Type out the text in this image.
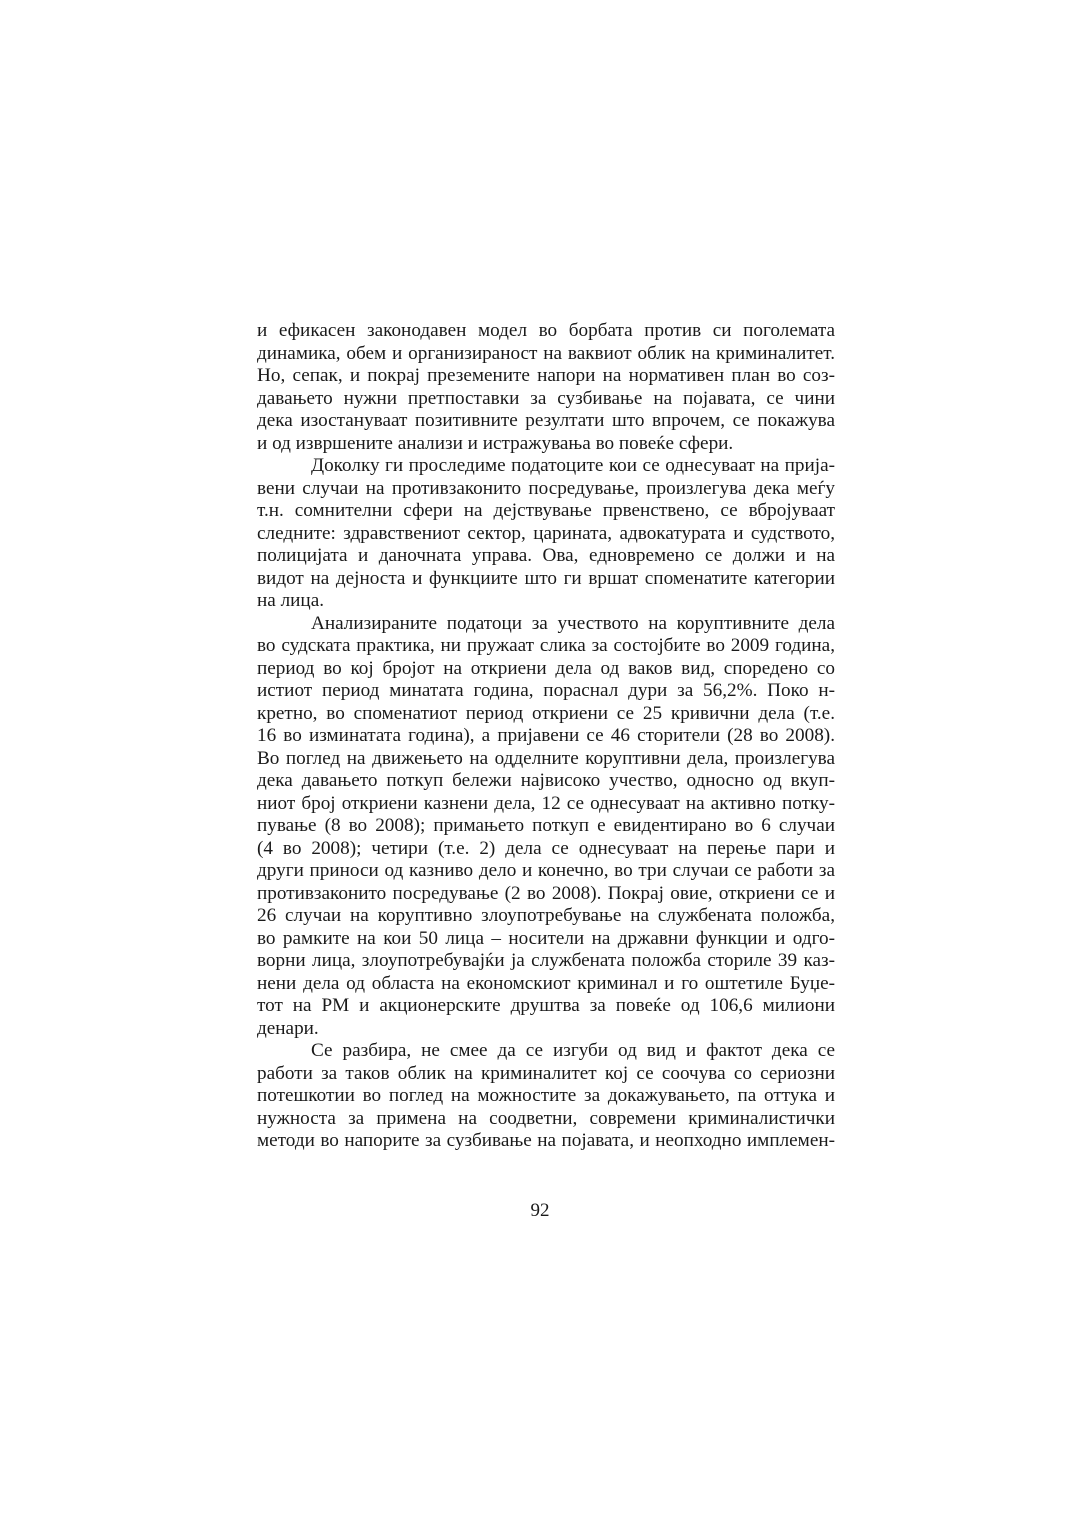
и ефикасен законодавен модел во борбата против си поголемата
динамика, обем и организираност на ваквиот облик на криминалитет.
Но, сепак, и покрај преземените напори на нормативен план во соз-
давањето нужни претпоставки за сузбивање на појавата, се чини
дека изостануваат позитивните резултати што впрочем, се покажува
и од извршените анализи и истражувања во повеќе сфери.
Доколку ги проследиме податоците кои се однесуваат на прија-
вени случаи на противзаконито посредување, произлегува дека меѓу
т.н. сомнителни сфери на дејствување првенствено, се вбројуваат
следните: здравствениот сектор, царината, адвокатурата и судството,
полицијата и даночната управа. Ова, едновремено се должи и на
видот на дејноста и функциите што ги вршат споменатите категории
на лица.
Анализираните податоци за учеството на коруптивните дела
во судската практика, ни пружаат слика за состојбите во 2009 година,
период во кој бројот на откриени дела од ваков вид, споредено со
истиот период минатата година, пораснал дури за 56,2%. Поко н-
кретно, во споменатиот период откриени се 25 кривични дела (т.е.
16 во изминатата година), а пријавени се 46 сторители (28 во 2008).
Во поглед на движењето на одделните коруптивни дела, произлегува
дека давањето поткуп бележи највисоко учество, односно од вкуп-
ниот број откриени казнени дела, 12 се однесуваат на активно потку-
пување (8 во 2008); примањето поткуп е евидентирано во 6 случаи
(4 во 2008); четири (т.е. 2) дела се однесуваат на перење пари и
други приноси од казниво дело и конечно, во три случаи се работи за
противзаконито посредување (2 во 2008). Покрај овие, откриени се и
26 случаи на коруптивно злоупотребување на службената положба,
во рамките на кои 50 лица – носители на државни функции и одго-
ворни лица, злоупотребувајќи ја службената положба сториле 39 каз-
нени дела од областа на економскиот криминал и го оштетиле Буџе-
тот на РМ и акционерските друштва за повеќе од 106,6 милиони
денари.
Се разбира, не смее да се изгуби од вид и фактот дека се
работи за таков облик на криминалитет кој се соочува со сериозни
потешкотии во поглед на можностите за докажувањето, па оттука и
нужноста за примена на соодветни, современи криминалистички
методи во напорите за сузбивање на појавата, и неопходно имплемен-
92
